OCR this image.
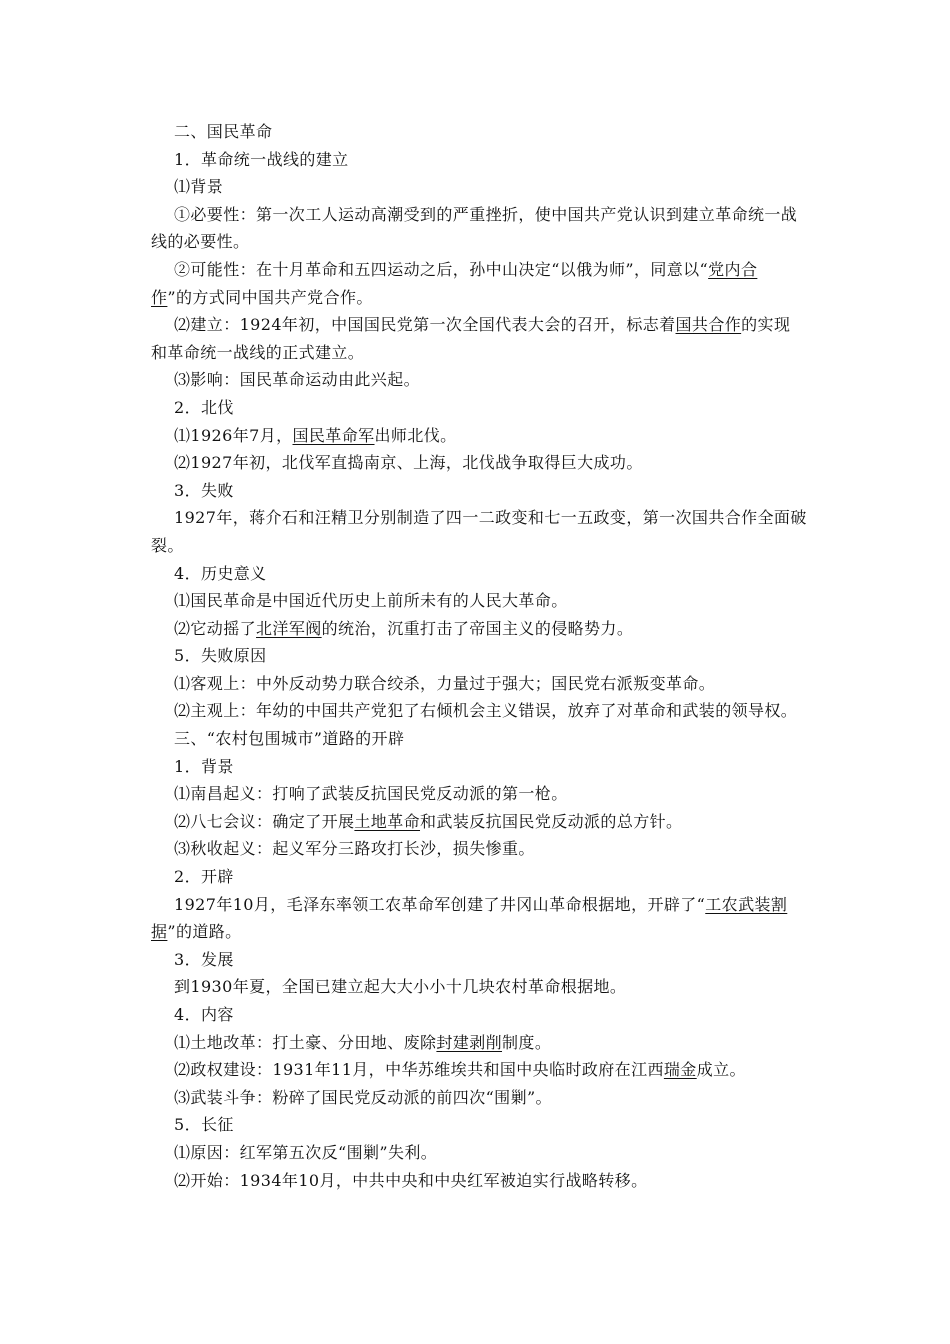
二、国民革命
1．革命统一战线的建立
⑴背景
①必要性：第一次工人运动高潮受到的严重挫折，使中国共产党认识到建立革命统一战
线的必要性。
②可能性：在十月革命和五四运动之后，孙中山决定“以俄为师”，同意以“党内合
作”的方式同中国共产党合作。
⑵建立：1924年初，中国国民党第一次全国代表大会的召开，标志着国共合作的实现
和革命统一战线的正式建立。
⑶影响：国民革命运动由此兴起。
2．北伐
⑴1926年7月，国民革命军出师北伐。
⑵1927年初，北伐军直捣南京、上海，北伐战争取得巨大成功。
3．失败
1927年，蒋介石和汪精卫分别制造了四一二政变和七一五政变，第一次国共合作全面破
裂。
4．历史意义
⑴国民革命是中国近代历史上前所未有的人民大革命。
⑵它动摇了北洋军阀的统治，沉重打击了帝国主义的侵略势力。
5．失败原因
⑴客观上：中外反动势力联合绞杀，力量过于强大；国民党右派叛变革命。
⑵主观上：年幼的中国共产党犯了右倾机会主义错误，放弃了对革命和武装的领导权。
三、“农村包围城市”道路的开辟
1．背景
⑴南昌起义：打响了武装反抗国民党反动派的第一枪。
⑵八七会议：确定了开展土地革命和武装反抗国民党反动派的总方针。
⑶秋收起义：起义军分三路攻打长沙，损失惨重。
2．开辟
1927年10月，毛泽东率领工农革命军创建了井冈山革命根据地，开辟了“工农武装割
据”的道路。
3．发展
到1930年夏，全国已建立起大大小小十几块农村革命根据地。
4．内容
⑴土地改革：打土豪、分田地、废除封建剥削制度。
⑵政权建设：1931年11月，中华苏维埃共和国中央临时政府在江西瑞金成立。
⑶武装斗争：粉碎了国民党反动派的前四次“围剿”。
5．长征
⑴原因：红军第五次反“围剿”失利。
⑵开始：1934年10月，中共中央和中央红军被迫实行战略转移。
